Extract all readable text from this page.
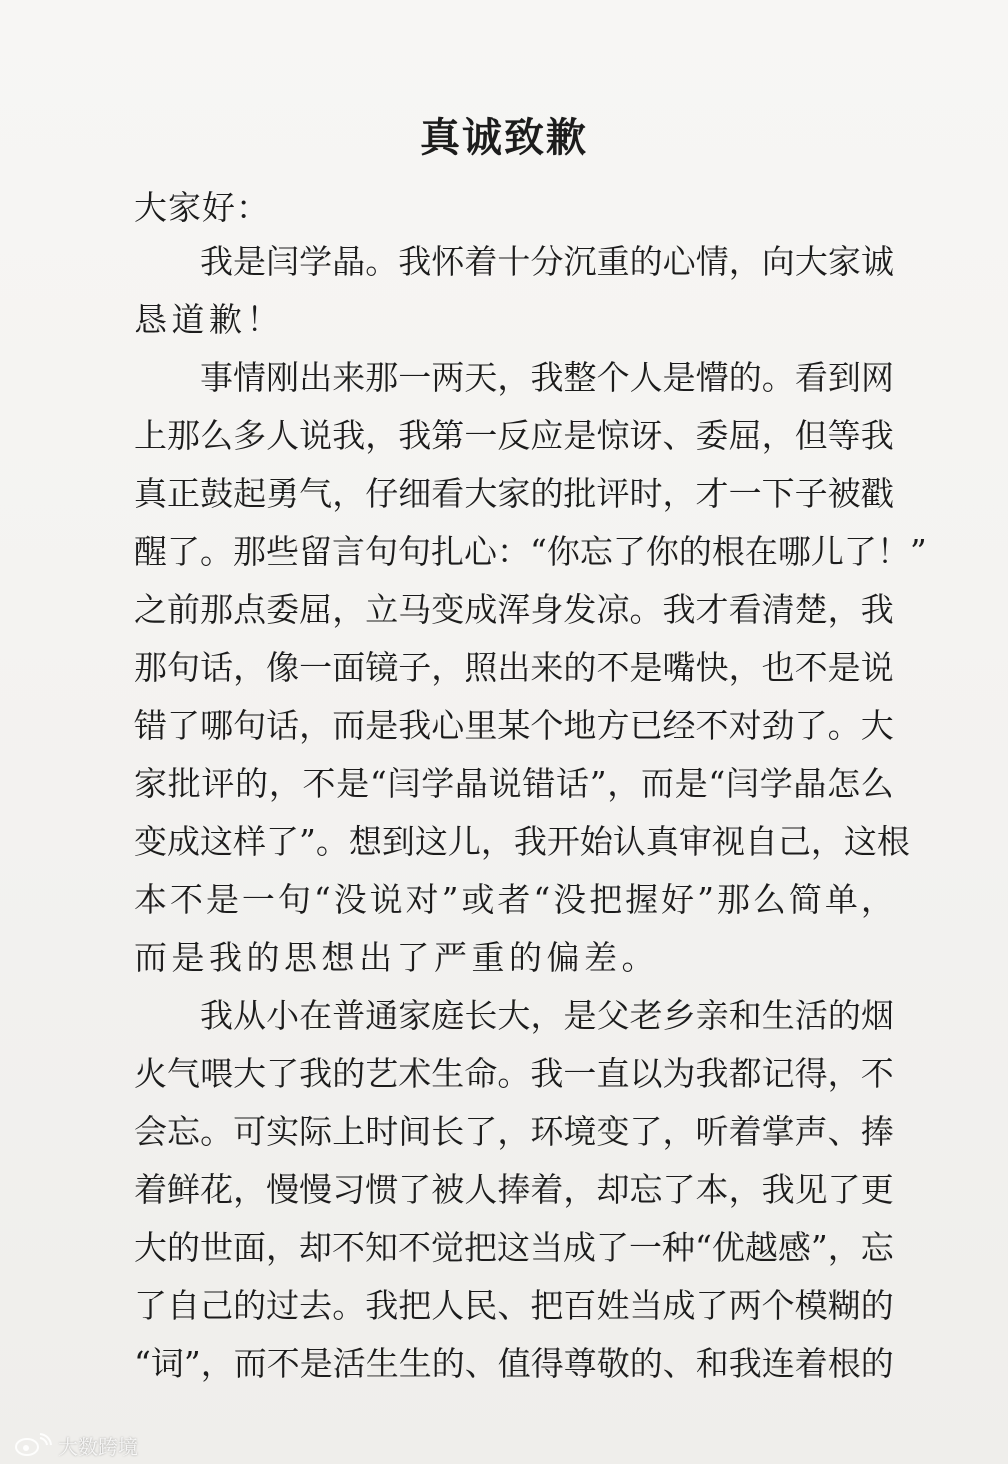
真诚致歉
大家好：
我 是 闫 学 晶 。 我 怀 着 十 分 沉 重 的 心 情 ， 向 大 家 诚
恳道歉！
事 情 刚 出 来 那 一 两 天 ， 我 整 个 人 是 懵 的 。 看 到 网
上 那 么 多 人 说 我 ， 我 第 一 反 应 是 惊 讶 、 委 屈 ， 但 等 我
真 正 鼓 起 勇 气 ， 仔 细 看 大 家 的 批 评 时 ， 才 一 下 子 被 戳
醒 了 。 那 些 留 言 句 句 扎 心 ： “ 你 忘 了 你 的 根 在 哪 儿 了 ！ ”
之 前 那 点 委 屈 ， 立 马 变 成 浑 身 发 凉 。 我 才 看 清 楚 ， 我
那 句 话 ， 像 一 面 镜 子 ， 照 出 来 的 不 是 嘴 快 ， 也 不 是 说
错 了 哪 句 话 ， 而 是 我 心 里 某 个 地 方 已 经 不 对 劲 了 。 大
家 批 评 的 ， 不 是 “ 闫 学 晶 说 错 话 ” ， 而 是 “ 闫 学 晶 怎 么
变 成 这 样 了 ” 。 想 到 这 儿 ， 我 开 始 认 真 审 视 自 己 ， 这 根
本 不 是 一 句 “ 没 说 对 ” 或 者 “ 没 把 握 好 ” 那 么 简 单 ，
而是我的思想出了严重的偏差。
我 从 小 在 普 通 家 庭 长 大 ， 是 父 老 乡 亲 和 生 活 的 烟
火 气 喂 大 了 我 的 艺 术 生 命 。 我 一 直 以 为 我 都 记 得 ， 不
会 忘 。 可 实 际 上 时 间 长 了 ， 环 境 变 了 ， 听 着 掌 声 、 捧
着 鲜 花 ， 慢 慢 习 惯 了 被 人 捧 着 ， 却 忘 了 本 ， 我 见 了 更
大 的 世 面 ， 却 不 知 不 觉 把 这 当 成 了 一 种 “ 优 越 感 ” ， 忘
了 自 己 的 过 去 。 我 把 人 民 、 把 百 姓 当 成 了 两 个 模 糊 的
“ 词 ” ， 而 不 是 活 生 生 的 、 值 得 尊 敬 的 、 和 我 连 着 根 的
大数跨境
